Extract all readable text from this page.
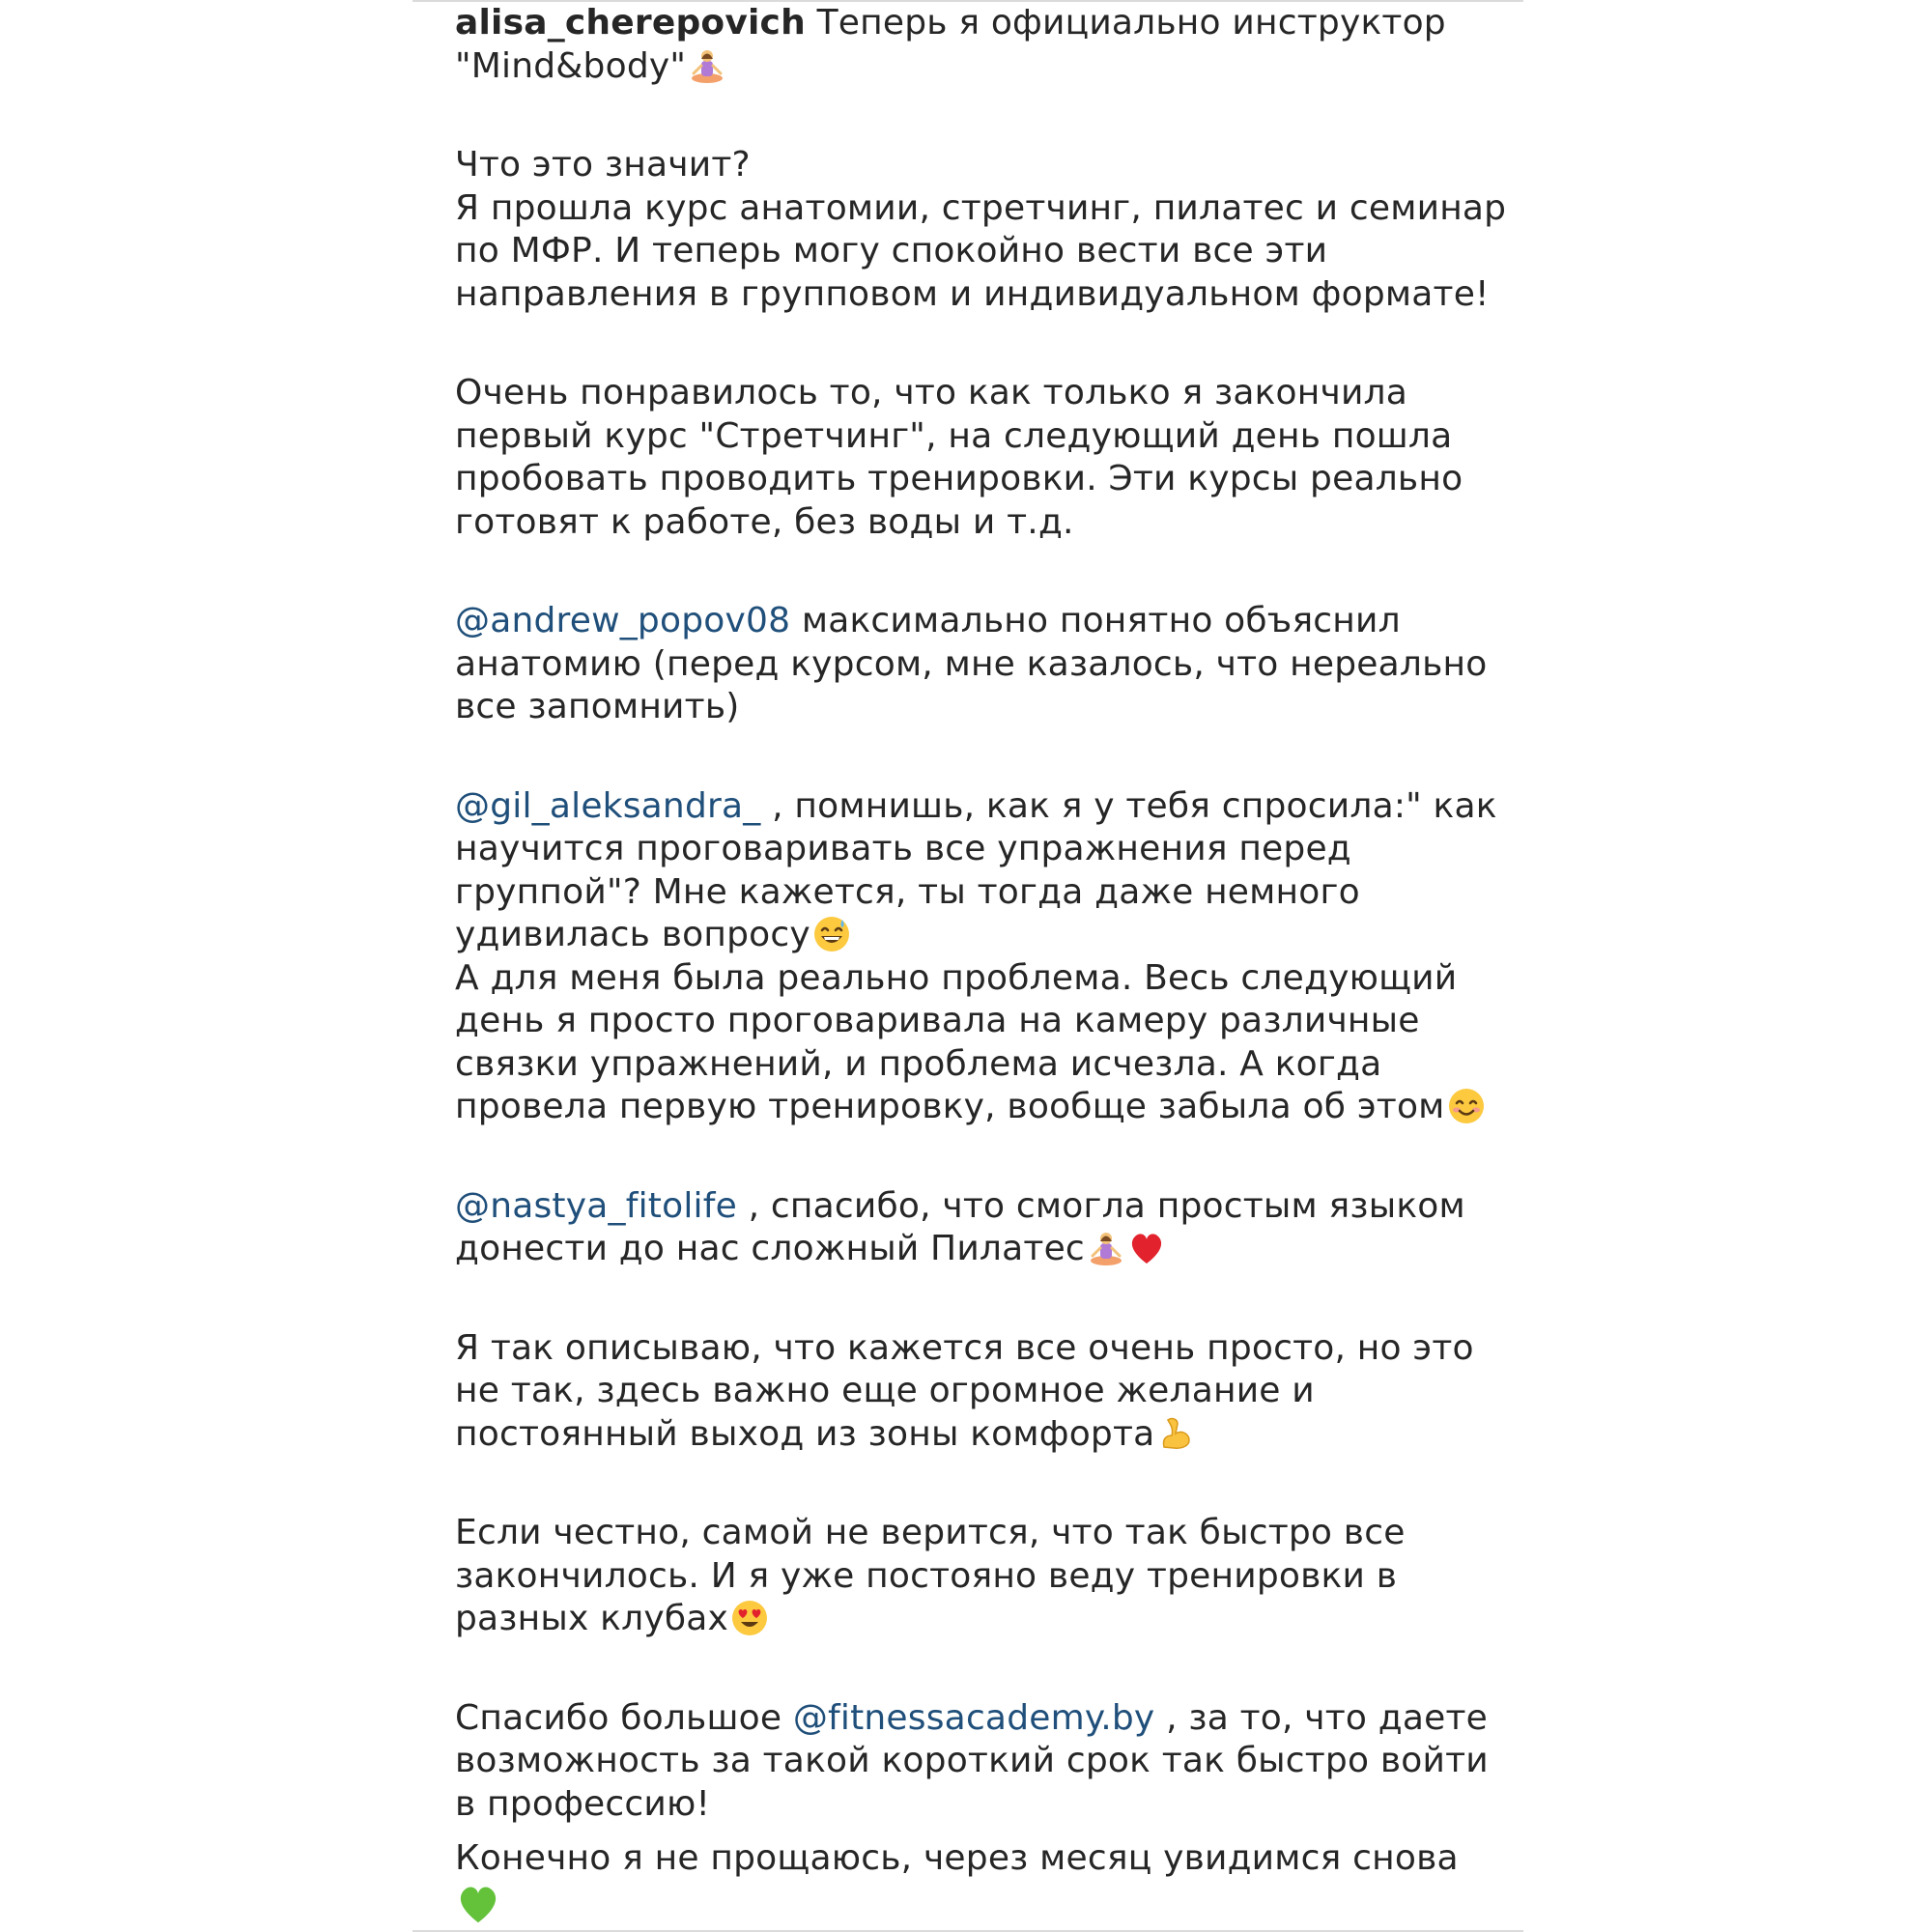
alisa_cherepovich Теперь я официально инструктор
"Mind&body"
Что это значит?
Я прошла курс анатомии, стретчинг, пилатес и семинар
по МФР. И теперь могу спокойно вести все эти
направления в групповом и индивидуальном формате!
Очень понравилось то, что как только я закончила
первый курс "Стретчинг", на следующий день пошла
пробовать проводить тренировки. Эти курсы реально
готовят к работе, без воды и т.д.
@andrew_popov08 максимально понятно объяснил
анатомию (перед курсом, мне казалось, что нереально
все запомнить)
@gil_aleksandra_ , помнишь, как я у тебя спросила:" как
научится проговаривать все упражнения перед
группой"? Мне кажется, ты тогда даже немного
удивилась вопросу
А для меня была реально проблема. Весь следующий
день я просто проговаривала на камеру различные
связки упражнений, и проблема исчезла. А когда
провела первую тренировку, вообще забыла об этом
@nastya_fitolife , спасибо, что смогла простым языком
донести до нас сложный Пилатес
Я так описываю, что кажется все очень просто, но это
не так, здесь важно еще огромное желание и
постоянный выход из зоны комфорта
Если честно, самой не верится, что так быстро все
закончилось. И я уже постояно веду тренировки в
разных клубах
Спасибо большое @fitnessacademy.by , за то, что даете
возможность за такой короткий срок так быстро войти
в профессию!
Конечно я не прощаюсь, через месяц увидимся снова
